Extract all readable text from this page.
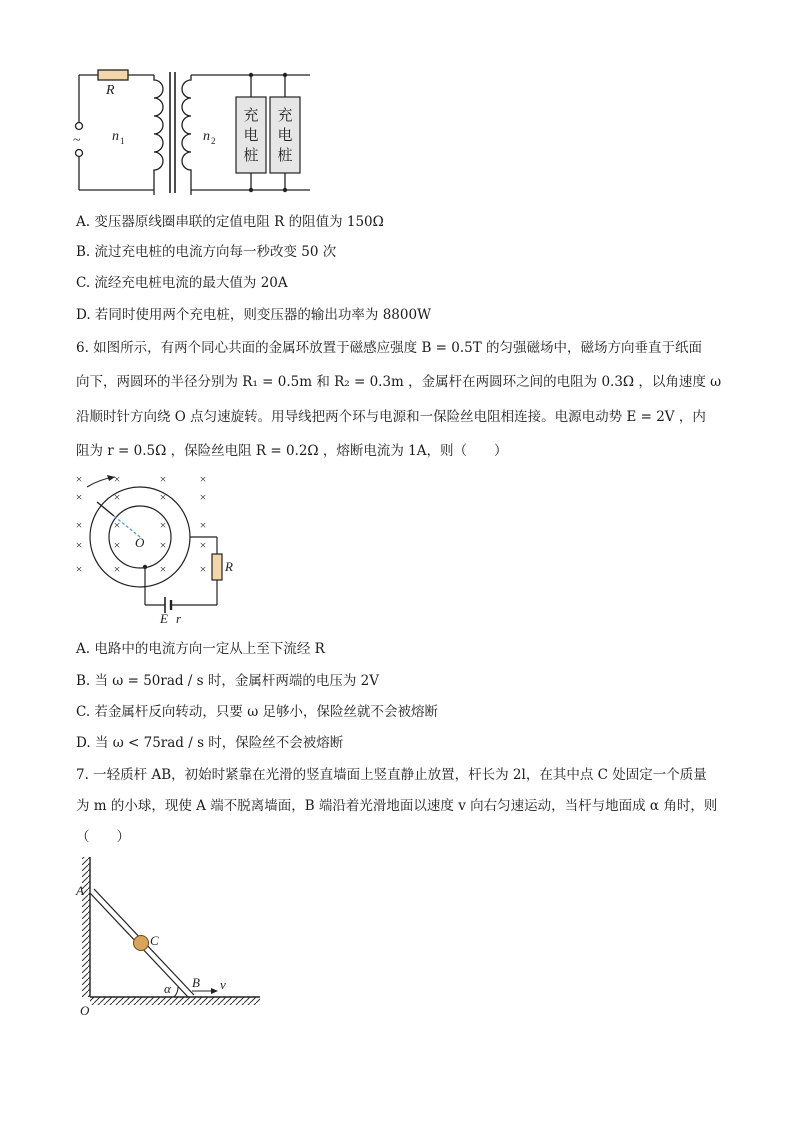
充
电
桩
充
电
桩
R
~ n 1	n 2
A. 变压器原线圈串联的定值电阻 R 的阻值为 150Ω
B. 流过充电桩的电流方向每一秒改变 50 次
C. 流经充电桩电流的最大值为 20A
D. 若同时使用两个充电桩，则变压器的输出功率为 8800W
6. 如图所示，有两个同心共面的金属环放置于磁感应强度 B = 0.5T 的匀强磁场中，磁场方向垂直于纸面
向下，两圆环的半径分别为 R₁ = 0.5m 和 R₂ = 0.3m ，金属杆在两圆环之间的电阻为 0.3Ω ，以角速度 ω
沿顺时针方向绕 O 点匀速旋转。用导线把两个环与电源和一保险丝电阻相连接。电源电动势 E = 2V ，内
阻为 r = 0.5Ω ，保险丝电阻 R = 0.2Ω ，熔断电流为 1A，则（　　）
×
×
×
×
×
×
×
×
×
×
×
×
×
×
×
×
×
×
×
×
O
R
E r
A. 电路中的电流方向一定从上至下流经 R
B. 当 ω = 50rad / s 时，金属杆两端的电压为 2V
C. 若金属杆反向转动，只要 ω 足够小，保险丝就不会被熔断
D. 当 ω < 75rad / s 时，保险丝不会被熔断
7. 一轻质杆 AB，初始时紧靠在光滑的竖直墙面上竖直静止放置，杆长为 2l，在其中点 C 处固定一个质量
为 m 的小球，现使 A 端不脱离墙面，B 端沿着光滑地面以速度 v 向右匀速运动，当杆与地面成 α 角时，则
（　　）
A
C
B v
α
O
